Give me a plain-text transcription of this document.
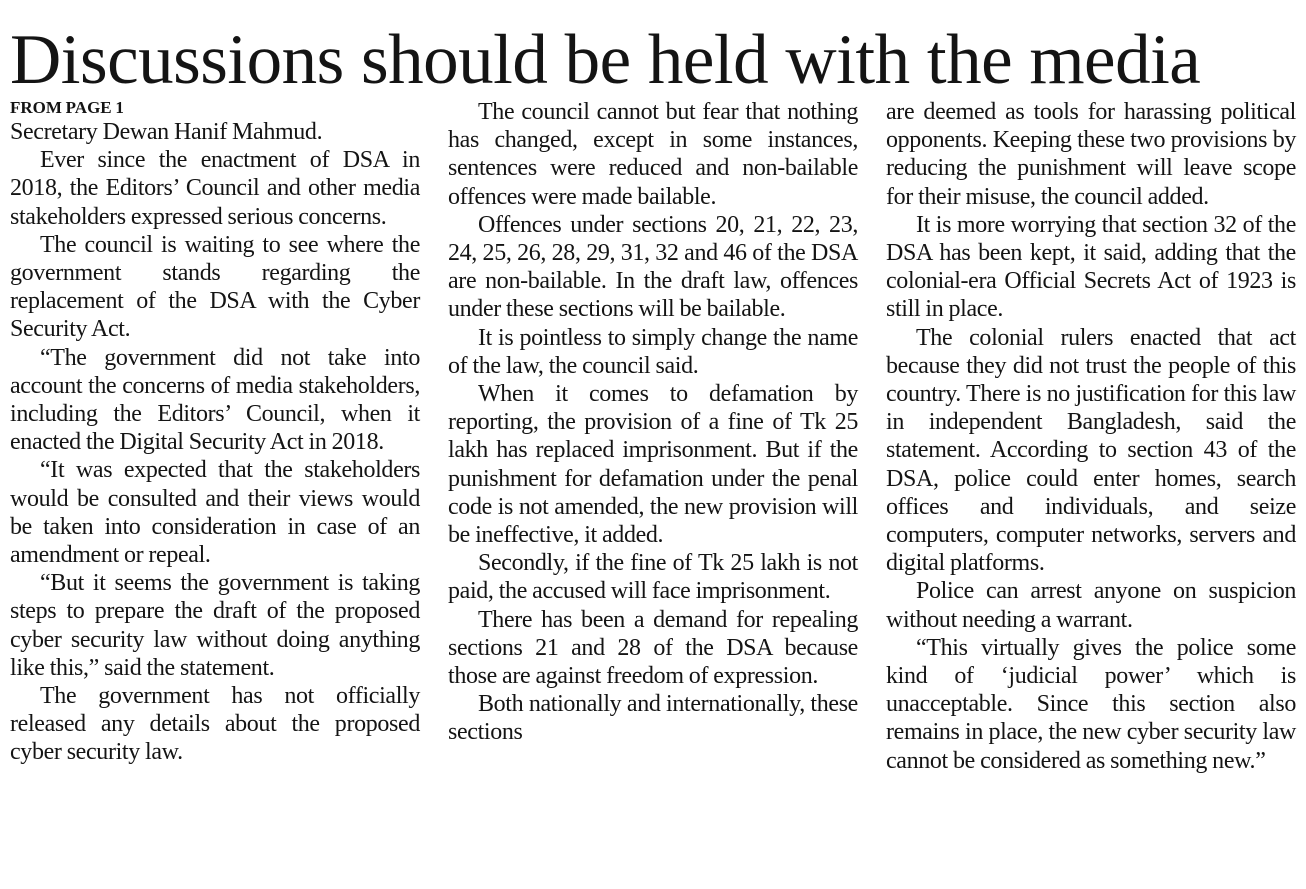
Discussions should be held with the media
FROM PAGE 1

Secretary Dewan Hanif Mahmud.

Ever since the enactment of DSA in 2018, the Editors’ Council and other media stakeholders expressed serious concerns.

The council is waiting to see where the government stands regarding the replacement of the DSA with the Cyber Security Act.

“The government did not take into account the concerns of media stakeholders, including the Editors’ Council, when it enacted the Digital Security Act in 2018.

“It was expected that the stakeholders would be consulted and their views would be taken into consideration in case of an amendment or repeal.

“But it seems the government is taking steps to prepare the draft of the proposed cyber security law without doing anything like this,” said the statement.

The government has not officially released any details about the proposed cyber security law.

The council cannot but fear that nothing has changed, except in some instances, sentences were reduced and non-bailable offences were made bailable.

Offences under sections 20, 21, 22, 23, 24, 25, 26, 28, 29, 31, 32 and 46 of the DSA are non-bailable. In the draft law, offences under these sections will be bailable.

It is pointless to simply change the name of the law, the council said.

When it comes to defamation by reporting, the provision of a fine of Tk 25 lakh has replaced imprisonment. But if the punishment for defamation under the penal code is not amended, the new provision will be ineffective, it added.

Secondly, if the fine of Tk 25 lakh is not paid, the accused will face imprisonment.

There has been a demand for repealing sections 21 and 28 of the DSA because those are against freedom of expression.

Both nationally and internationally, these sections

are deemed as tools for harassing political opponents. Keeping these two provisions by reducing the punishment will leave scope for their misuse, the council added.

It is more worrying that section 32 of the DSA has been kept, it said, adding that the colonial-era Official Secrets Act of 1923 is still in place.

The colonial rulers enacted that act because they did not trust the people of this country. There is no justification for this law in independent Bangladesh, said the statement. According to section 43 of the DSA, police could enter homes, search offices and individuals, and seize computers, computer networks, servers and digital platforms.

Police can arrest anyone on suspicion without needing a warrant.

“This virtually gives the police some kind of ‘judicial power’ which is unacceptable. Since this section also remains in place, the new cyber security law cannot be considered as something new.”
